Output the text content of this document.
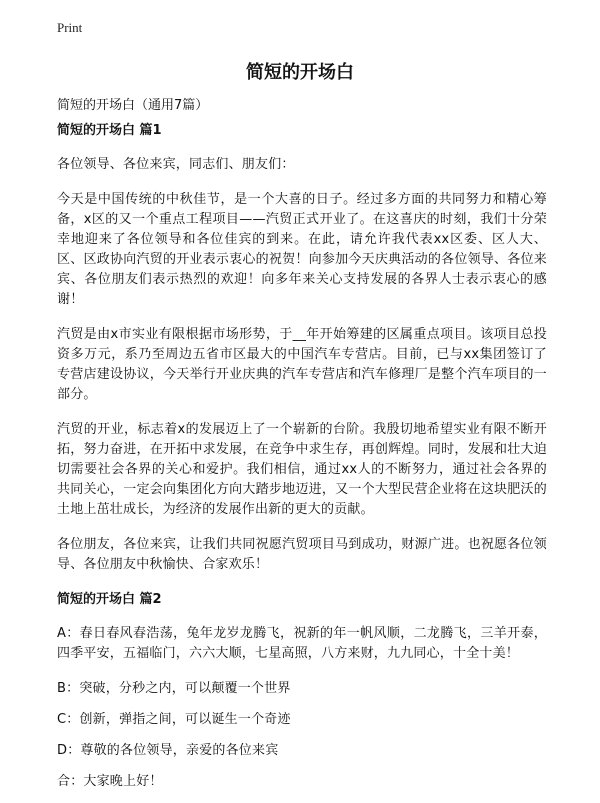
Print
简短的开场白

简短的开场白（通用7篇）

简短的开场白 篇1

各位领导、各位来宾，同志们、朋友们：

今天是中国传统的中秋佳节，是一个大喜的日子。经过多方面的共同努力和精心筹备，x区的又一个重点工程项目——汽贸正式开业了。在这喜庆的时刻，我们十分荣幸地迎来了各位领导和各位佳宾的到来。在此，请允许我代表xx区委、区人大、区、区政协向汽贸的开业表示衷心的祝贺！向参加今天庆典活动的各位领导、各位来宾、各位朋友们表示热烈的欢迎！向多年来关心支持发展的各界人士表示衷心的感谢！

汽贸是由x市实业有限根据市场形势，于__年开始筹建的区属重点项目。该项目总投资多万元，系乃至周边五省市区最大的中国汽车专营店。目前，已与xx集团签订了专营店建设协议，今天举行开业庆典的汽车专营店和汽车修理厂是整个汽车项目的一部分。

汽贸的开业，标志着x的发展迈上了一个崭新的台阶。我殷切地希望实业有限不断开拓，努力奋进，在开拓中求发展，在竞争中求生存，再创辉煌。同时，发展和壮大迫切需要社会各界的关心和爱护。我们相信，通过xx人的不断努力，通过社会各界的共同关心，一定会向集团化方向大踏步地迈进，又一个大型民营企业将在这块肥沃的土地上茁壮成长，为经济的发展作出新的更大的贡献。

各位朋友，各位来宾，让我们共同祝愿汽贸项目马到成功，财源广进。也祝愿各位领导、各位朋友中秋愉快、合家欢乐！

简短的开场白 篇2

A：春日春风春浩荡，兔年龙岁龙腾飞，祝新的年一帆风顺，二龙腾飞，三羊开泰，四季平安，五福临门，六六大顺，七星高照，八方来财，九九同心，十全十美！

B：突破，分秒之内，可以颠覆一个世界

C：创新，弹指之间，可以诞生一个奇迹

D：尊敬的各位领导，亲爱的各位来宾

合：大家晚上好！
